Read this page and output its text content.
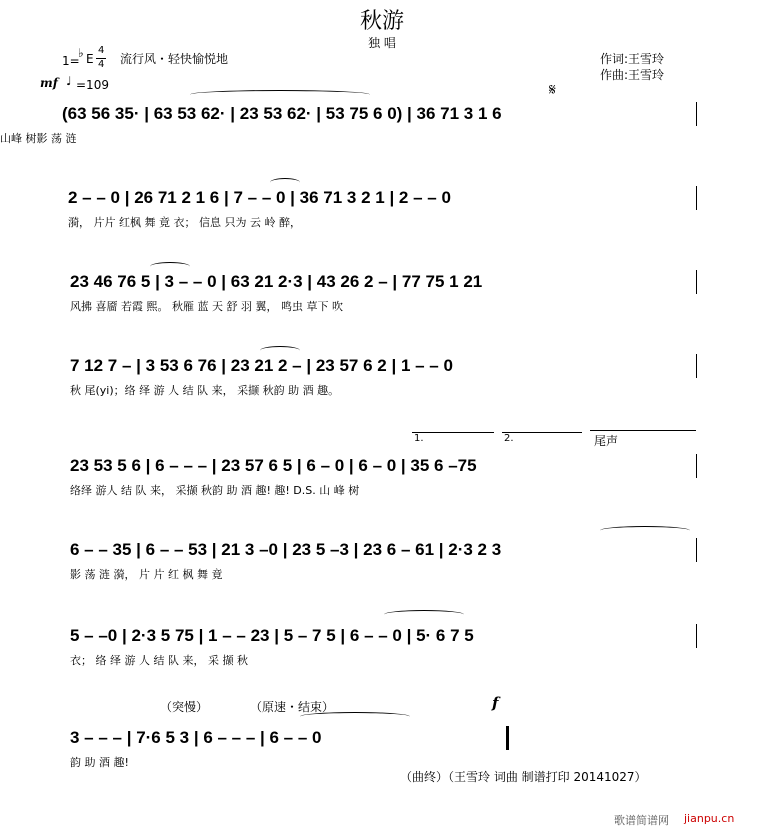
秋游
独 唱
1=
♭ E
4
4 流行风・轻快愉悦地
mf ♩ =109
作词:王雪玲
作曲:王雪玲
𝄋
(63 56 35· | 63 53 62· | 23 53 62· | 53 75 6 0) | 36 71 3 1 6
山峰 树影 荡 涟
2 – – 0 | 26 71 2 1 6 | 7 – – 0 | 36 71 3 2 1 | 2 – – 0
漪， 片片 红枫 舞 竟 衣； 信息 只为 云 岭 醉，
23 46 76 5 | 3 – – 0 | 63 21 2·3 | 43 26 2 – | 77 75 1 21
风拂 喜靥 若霞 熙。 秋雁 蓝 天 舒 羽 翼， 鸣虫 草下 吹
7 12 7 – | 3 53 6 76 | 23 21 2 – | 23 57 6 2 | 1 – – 0
秋 尾(yi)；络 绎 游 人 结 队 来， 采撷 秋韵 助 酒 趣。
1.	2.	尾声
23 53 5 6 | 6 – – – | 23 57 6 5 | 6 – 0 | 6 – 0 | 35 6 –75
络绎 游人 结 队 来， 采撷 秋韵 助 酒 趣! 趣! D.S. 山 峰 树
6 – – 35 | 6 – – 53 | 21 3 –0 | 23 5 –3 | 23 6 – 61 | 2·3 2 3
影 荡 涟 漪， 片 片 红 枫 舞 竟
5 – –0 | 2·3 5 75 | 1 – – 23 | 5 – 7 5 | 6 – – 0 | 5· 6 7 5
衣； 络 绎 游 人 结 队 来， 采 撷 秋
（突慢）	（原速・结束）	f
3 – – – | 7·6 5 3 | 6 – – – | 6 – – 0
韵 助 酒 趣!
（曲终）（王雪玲 词曲 制谱打印 20141027）
歌谱简谱网 jianpu.cn
